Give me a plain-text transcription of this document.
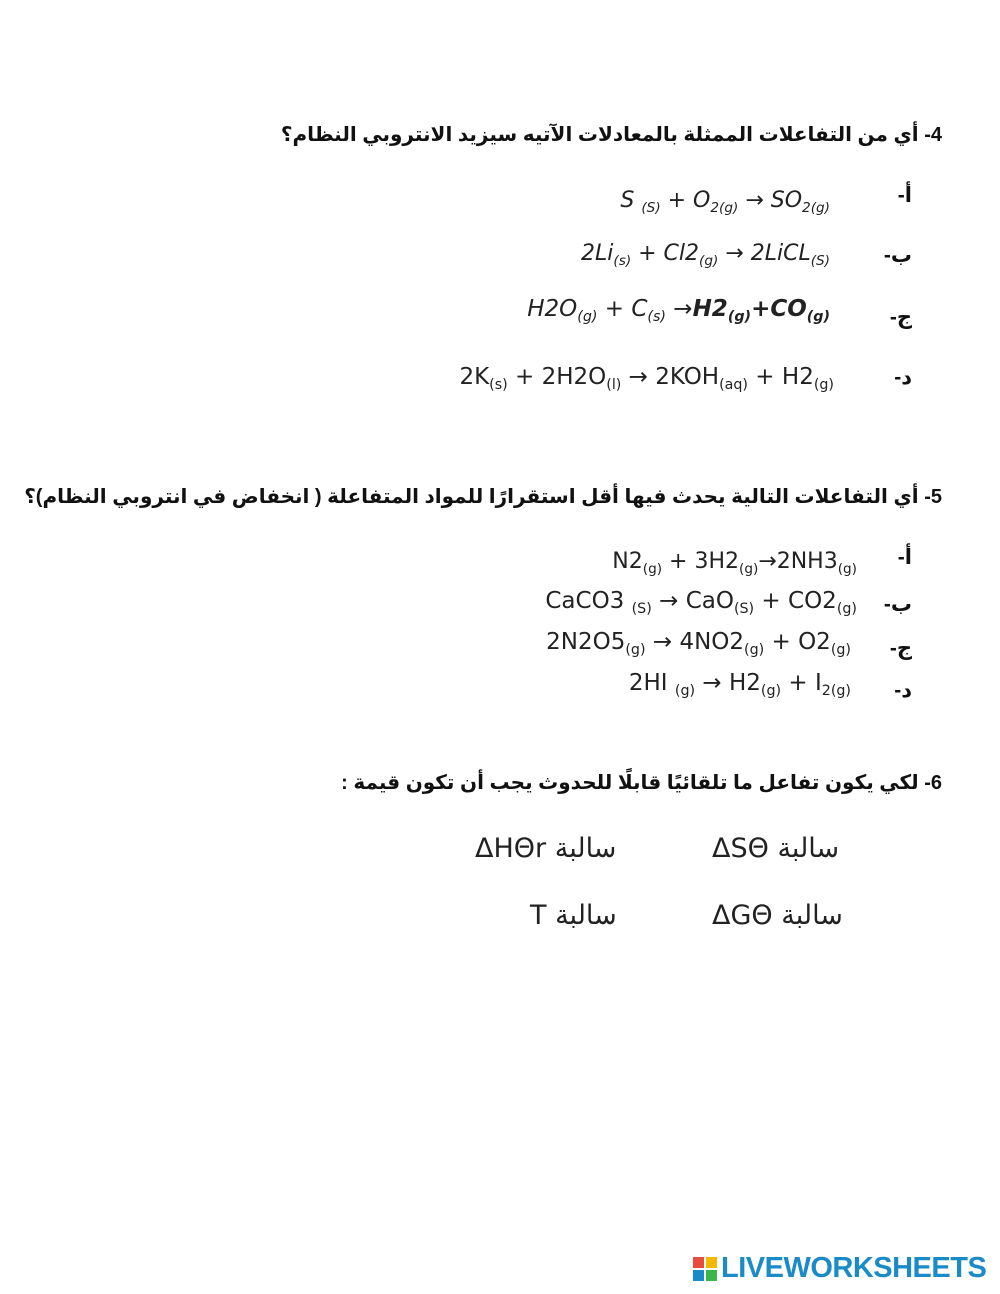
4- أي من التفاعلات الممثلة بالمعادلات الآتيه سيزيد الانتروبي النظام؟
أ-
S $_{(S)} + O_{2(g)} \to SO_{2(g)}$
ب-
$2Li_{(s)} + Cl2_{(g)}$ → 2LiCL$_{(S)}$
ج-
$H2O_{(g)} + C_{(s)} \to H2_{(g)}+CO_{(g)}$
د-
$2K_{(s)} + 2H2O_{(l)} \to 2KOH_{(aq)} + H2_{(g)}$
5- أي التفاعلات التالية يحدث فيها أقل استقرارًا للمواد المتفاعلة ( انخفاض في انتروبي النظام)؟
أ-
$N2_{(g)} + 3H2_{(g)}\to 2NH3_{(g)}$
ب-
CaCO3 $_{(S)} \to CaO_{(S)} + CO2_{(g)}$
ج-
$2N2O5_{(g)} \to 4NO2_{(g)} + O2_{(g)}$
د-
2HI $_{(g)} \to H2_{(g)} + I_{2(g)}$
6- لكي يكون تفاعل ما تلقائيًا قابلًا للحدوث يجب أن تكون قيمة :
ΔSΘ سالبة
ΔHΘr سالبة
ΔGΘ سالبة
T سالبة
LIVEWORKSHEETS
